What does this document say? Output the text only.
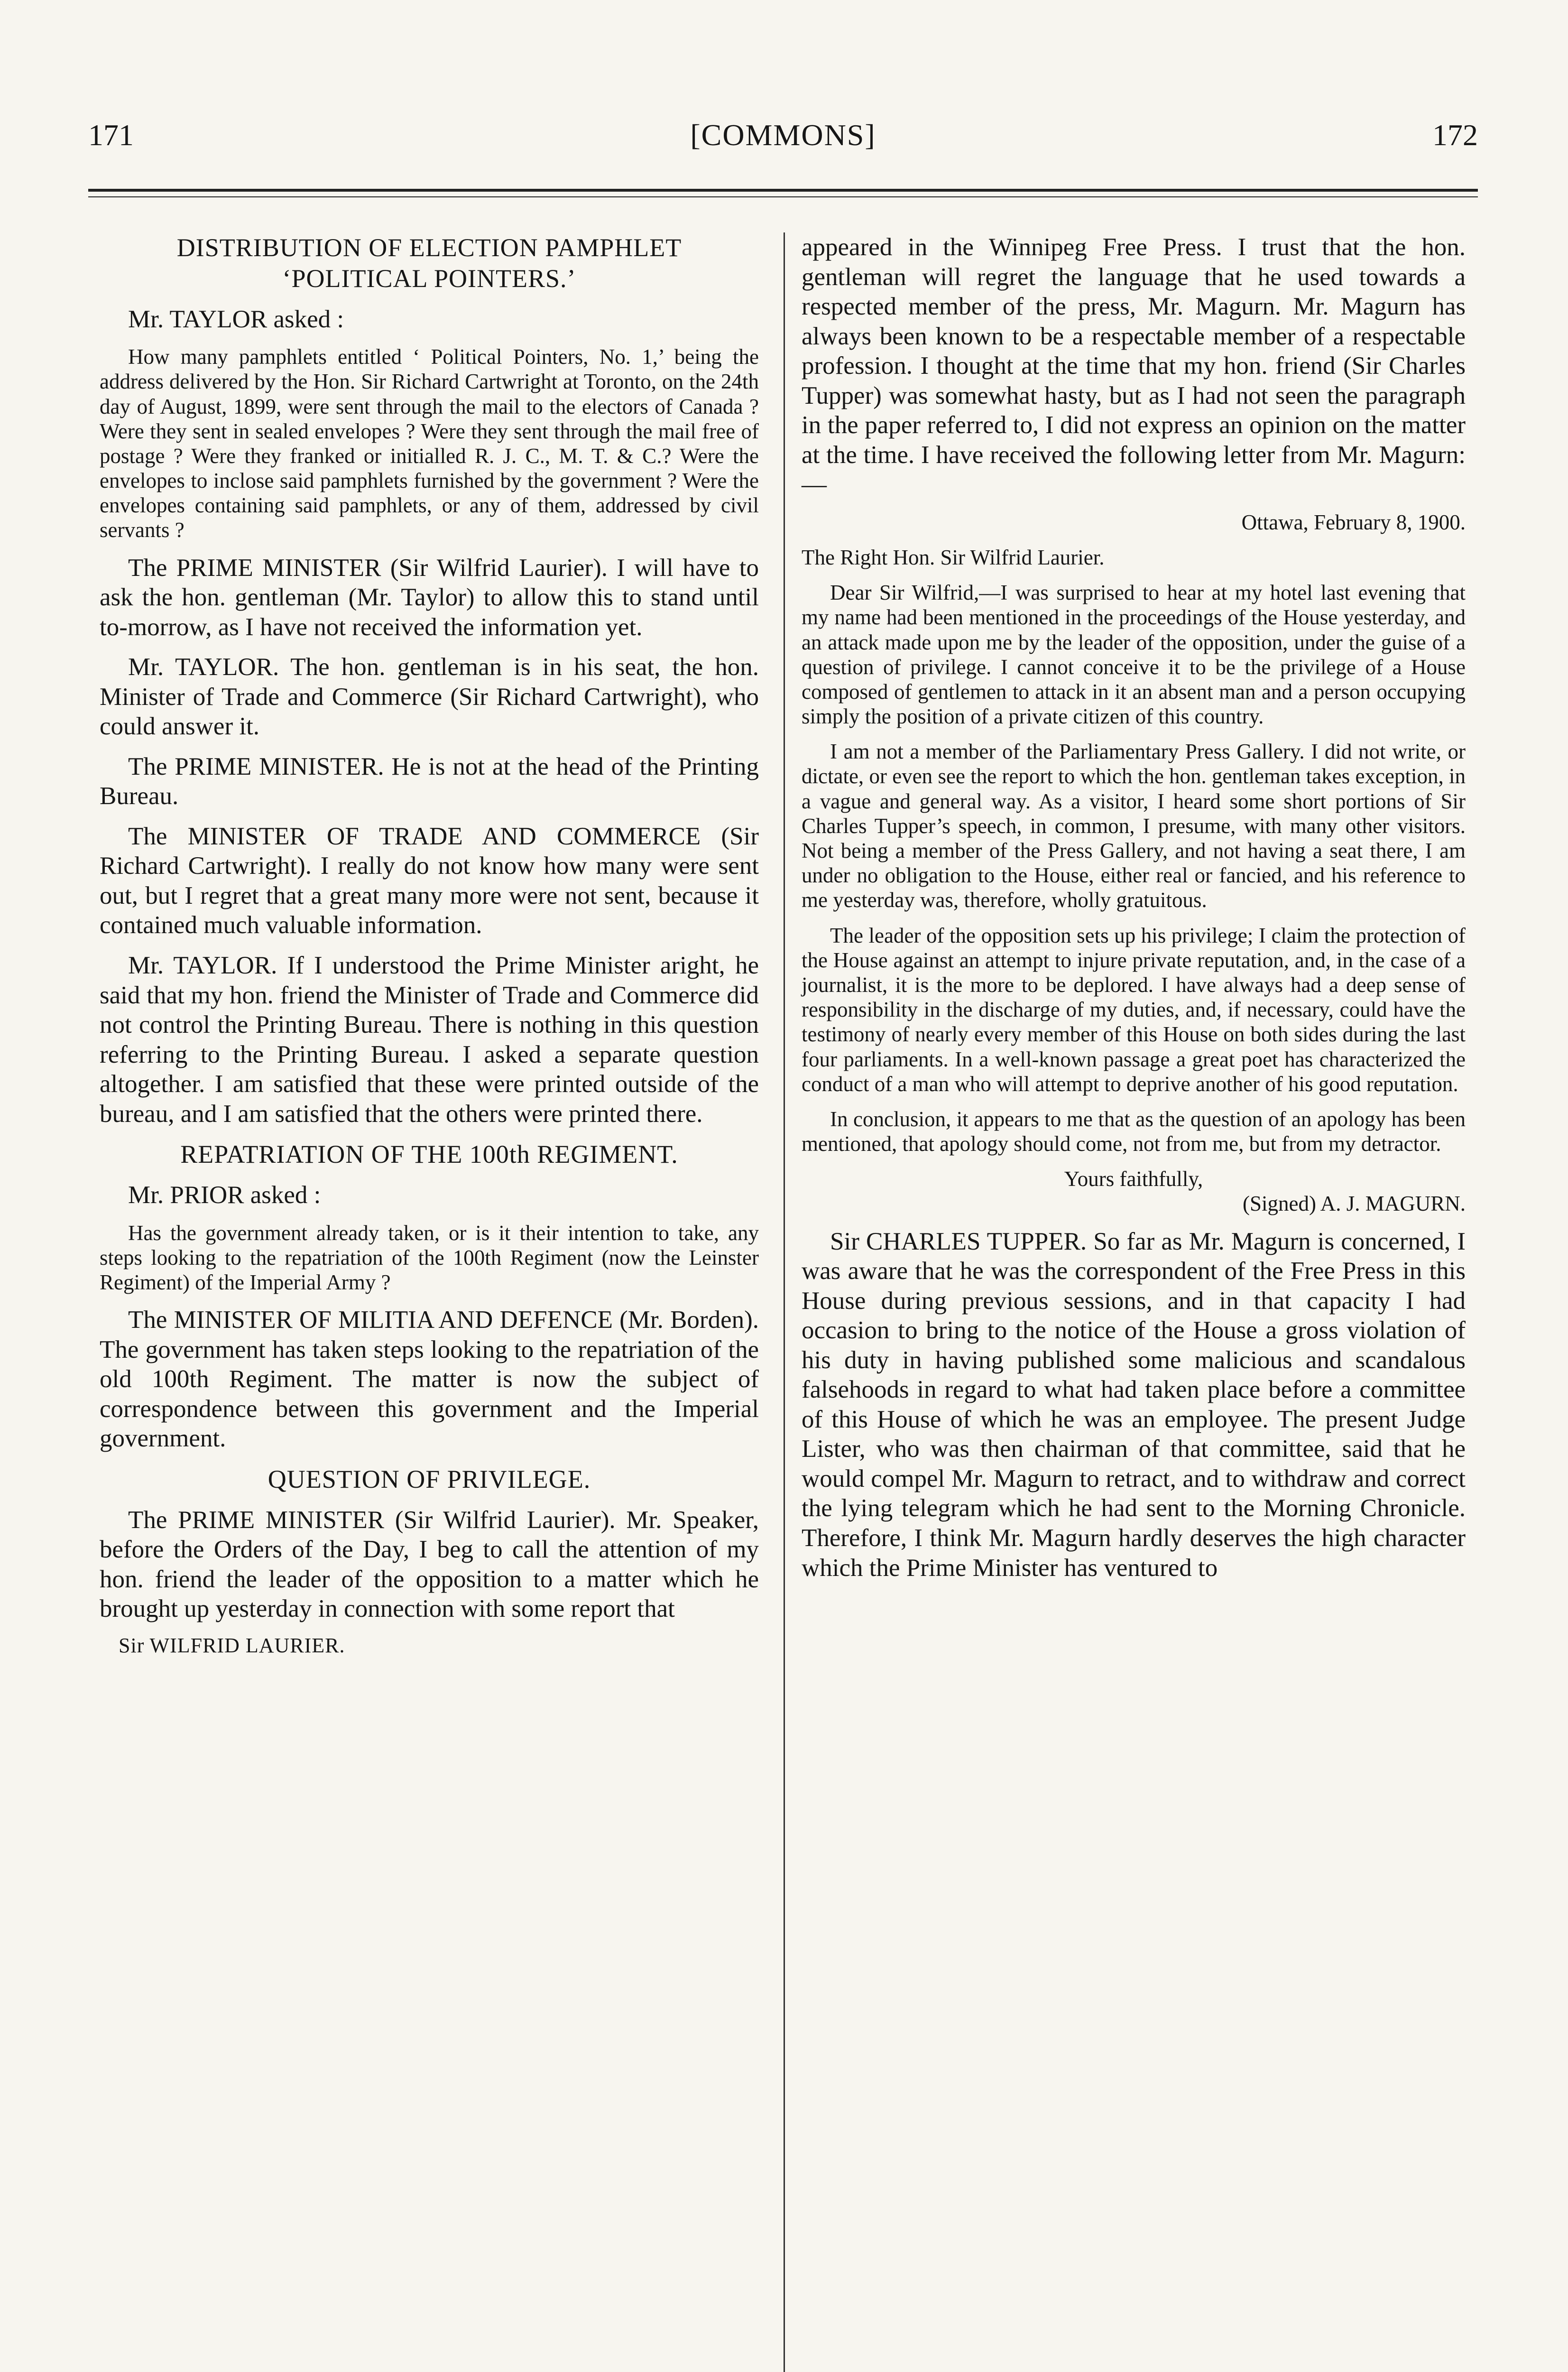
[COMMONS]
171	172

DISTRIBUTION OF ELECTION PAMPHLET ‘POLITICAL POINTERS.’

Mr. TAYLOR asked :

How many pamphlets entitled ‘ Political Pointers, No. 1,’ being the address delivered by the Hon. Sir Richard Cartwright at Toronto, on the 24th day of August, 1899, were sent through the mail to the electors of Canada ? Were they sent in sealed envelopes ? Were they sent through the mail free of postage ? Were they franked or initialled R. J. C., M. T. & C.? Were the envelopes to inclose said pamphlets furnished by the government ? Were the envelopes containing said pamphlets, or any of them, addressed by civil servants ?

The PRIME MINISTER (Sir Wilfrid Laurier). I will have to ask the hon. gentleman (Mr. Taylor) to allow this to stand until to-morrow, as I have not received the information yet.

Mr. TAYLOR. The hon. gentleman is in his seat, the hon. Minister of Trade and Commerce (Sir Richard Cartwright), who could answer it.

The PRIME MINISTER. He is not at the head of the Printing Bureau.

The MINISTER OF TRADE AND COMMERCE (Sir Richard Cartwright). I really do not know how many were sent out, but I regret that a great many more were not sent, because it contained much valuable information.

Mr. TAYLOR. If I understood the Prime Minister aright, he said that my hon. friend the Minister of Trade and Commerce did not control the Printing Bureau. There is nothing in this question referring to the Printing Bureau. I asked a separate question altogether. I am satisfied that these were printed outside of the bureau, and I am satisfied that the others were printed there.

REPATRIATION OF THE 100th REGIMENT.

Mr. PRIOR asked :

Has the government already taken, or is it their intention to take, any steps looking to the repatriation of the 100th Regiment (now the Leinster Regiment) of the Imperial Army ?

The MINISTER OF MILITIA AND DEFENCE (Mr. Borden). The government has taken steps looking to the repatriation of the old 100th Regiment. The matter is now the subject of correspondence between this government and the Imperial government.

QUESTION OF PRIVILEGE.

The PRIME MINISTER (Sir Wilfrid Laurier). Mr. Speaker, before the Orders of the Day, I beg to call the attention of my hon. friend the leader of the opposition to a matter which he brought up yesterday in connection with some report that

Sir WILFRID LAURIER.

appeared in the Winnipeg Free Press. I trust that the hon. gentleman will regret the language that he used towards a respected member of the press, Mr. Magurn. Mr. Magurn has always been known to be a respectable member of a respectable profession. I thought at the time that my hon. friend (Sir Charles Tupper) was somewhat hasty, but as I had not seen the paragraph in the paper referred to, I did not express an opinion on the matter at the time. I have received the following letter from Mr. Magurn:—

Ottawa, February 8, 1900.

The Right Hon. Sir Wilfrid Laurier.

Dear Sir Wilfrid,—I was surprised to hear at my hotel last evening that my name had been mentioned in the proceedings of the House yesterday, and an attack made upon me by the leader of the opposition, under the guise of a question of privilege. I cannot conceive it to be the privilege of a House composed of gentlemen to attack in it an absent man and a person occupying simply the position of a private citizen of this country.

I am not a member of the Parliamentary Press Gallery. I did not write, or dictate, or even see the report to which the hon. gentleman takes exception, in a vague and general way. As a visitor, I heard some short portions of Sir Charles Tupper’s speech, in common, I presume, with many other visitors. Not being a member of the Press Gallery, and not having a seat there, I am under no obligation to the House, either real or fancied, and his reference to me yesterday was, therefore, wholly gratuitous.

The leader of the opposition sets up his privilege; I claim the protection of the House against an attempt to injure private reputation, and, in the case of a journalist, it is the more to be deplored. I have always had a deep sense of responsibility in the discharge of my duties, and, if necessary, could have the testimony of nearly every member of this House on both sides during the last four parliaments. In a well-known passage a great poet has characterized the conduct of a man who will attempt to deprive another of his good reputation.

In conclusion, it appears to me that as the question of an apology has been mentioned, that apology should come, not from me, but from my detractor.

Yours faithfully,

(Signed) A. J. MAGURN.

Sir CHARLES TUPPER. So far as Mr. Magurn is concerned, I was aware that he was the correspondent of the Free Press in this House during previous sessions, and in that capacity I had occasion to bring to the notice of the House a gross violation of his duty in having published some malicious and scandalous falsehoods in regard to what had taken place before a committee of this House of which he was an employee. The present Judge Lister, who was then chairman of that committee, said that he would compel Mr. Magurn to retract, and to withdraw and correct the lying telegram which he had sent to the Morning Chronicle. Therefore, I think Mr. Magurn hardly deserves the high character which the Prime Minister has ventured to
